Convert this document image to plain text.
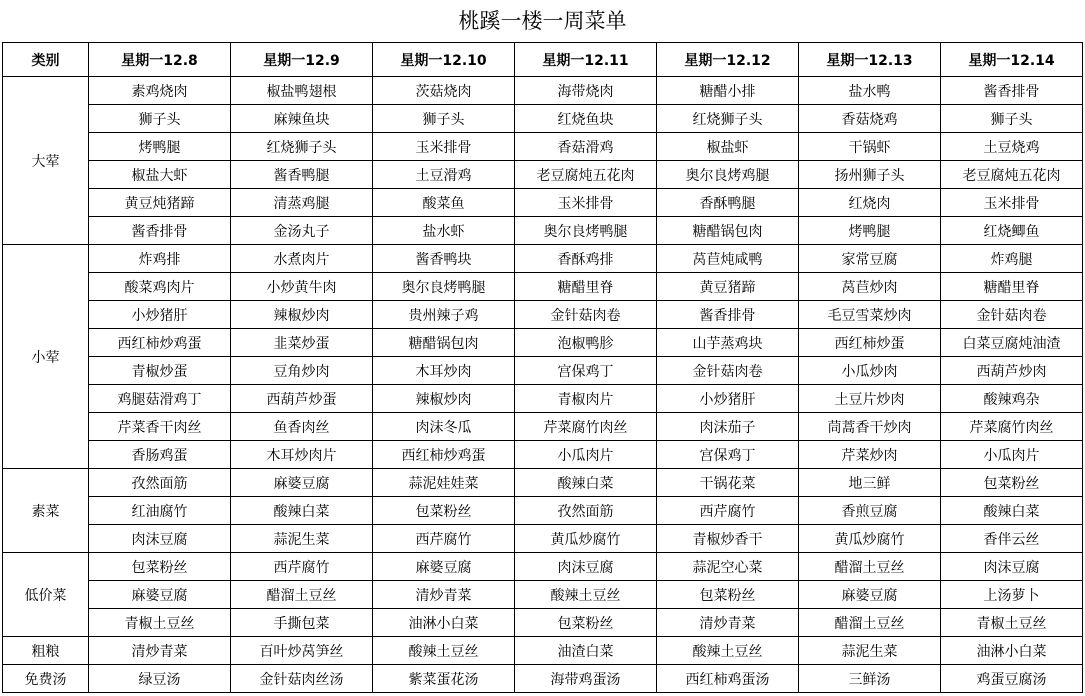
桃蹊一楼一周菜单
类别	星期一12.8	星期一12.9	星期一12.10	星期一12.11	星期一12.12	星期一12.13	星期一12.14
大荤	素鸡烧肉	椒盐鸭翅根	茨菇烧肉	海带烧肉	糖醋小排	盐水鸭	酱香排骨
	狮子头	麻辣鱼块	狮子头	红烧鱼块	红烧狮子头	香菇烧鸡	狮子头
	烤鸭腿	红烧狮子头	玉米排骨	香菇滑鸡	椒盐虾	干锅虾	土豆烧鸡
	椒盐大虾	酱香鸭腿	土豆滑鸡	老豆腐炖五花肉	奥尔良烤鸡腿	扬州狮子头	老豆腐炖五花肉
	黄豆炖猪蹄	清蒸鸡腿	酸菜鱼	玉米排骨	香酥鸭腿	红烧肉	玉米排骨
	酱香排骨	金汤丸子	盐水虾	奥尔良烤鸭腿	糖醋锅包肉	烤鸭腿	红烧鲫鱼
小荤	炸鸡排	水煮肉片	酱香鸭块	香酥鸡排	莴苣炖咸鸭	家常豆腐	炸鸡腿
	酸菜鸡肉片	小炒黄牛肉	奥尔良烤鸭腿	糖醋里脊	黄豆猪蹄	莴苣炒肉	糖醋里脊
	小炒猪肝	辣椒炒肉	贵州辣子鸡	金针菇肉卷	酱香排骨	毛豆雪菜炒肉	金针菇肉卷
	西红柿炒鸡蛋	韭菜炒蛋	糖醋锅包肉	泡椒鸭胗	山芋蒸鸡块	西红柿炒蛋	白菜豆腐炖油渣
	青椒炒蛋	豆角炒肉	木耳炒肉	宫保鸡丁	金针菇肉卷	小瓜炒肉	西葫芦炒肉
	鸡腿菇滑鸡丁	西葫芦炒蛋	辣椒炒肉	青椒肉片	小炒猪肝	土豆片炒肉	酸辣鸡杂
	芹菜香干肉丝	鱼香肉丝	肉沫冬瓜	芹菜腐竹肉丝	肉沫茄子	茼蒿香干炒肉	芹菜腐竹肉丝
	香肠鸡蛋	木耳炒肉片	西红柿炒鸡蛋	小瓜肉片	宫保鸡丁	芹菜炒肉	小瓜肉片
素菜	孜然面筋	麻婆豆腐	蒜泥娃娃菜	酸辣白菜	干锅花菜	地三鲜	包菜粉丝
	红油腐竹	酸辣白菜	包菜粉丝	孜然面筋	西芹腐竹	香煎豆腐	酸辣白菜
	肉沫豆腐	蒜泥生菜	西芹腐竹	黄瓜炒腐竹	青椒炒香干	黄瓜炒腐竹	香伴云丝
低价菜	包菜粉丝	西芹腐竹	麻婆豆腐	肉沫豆腐	蒜泥空心菜	醋溜土豆丝	肉沫豆腐
	麻婆豆腐	醋溜土豆丝	清炒青菜	酸辣土豆丝	包菜粉丝	麻婆豆腐	上汤萝卜
	青椒土豆丝	手撕包菜	油淋小白菜	包菜粉丝	清炒青菜	醋溜土豆丝	青椒土豆丝
粗粮	清炒青菜	百叶炒莴笋丝	酸辣土豆丝	油渣白菜	酸辣土豆丝	蒜泥生菜	油淋小白菜
免费汤	绿豆汤	金针菇肉丝汤	紫菜蛋花汤	海带鸡蛋汤	西红柿鸡蛋汤	三鲜汤	鸡蛋豆腐汤
